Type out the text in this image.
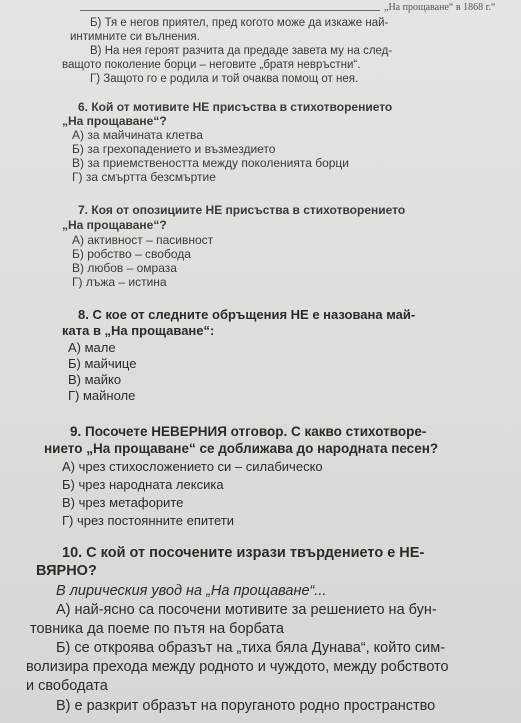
„На прощаване“ в 1868 г.“
Б) Тя е негов приятел, пред когото може да изкаже най-
интимните си вълнения.
В) На нея героят разчита да предаде завета му на след-
ващото поколение борци – неговите „братя невръстни“.
Г) Защото го е родила и той очаква помощ от нея.
6. Кой от мотивите НЕ присъства в стихотворението
„На прощаване“?
А) за майчината клетва
Б) за грехопадението и възмездието
В) за приемствеността между поколенията борци
Г) за смъртта безсмъртие
7. Коя от опозициите НЕ присъства в стихотворението
„На прощаване“?
А) активност – пасивност
Б) робство – свобода
В) любов – омраза
Г) лъжа – истина
8. С кое от следните обръщения НЕ е назована май-
ката в „На прощаване“:
А) мале
Б) майчице
В) майко
Г) майноле
9. Посочете НЕВЕРНИЯ отговор. С какво стихотворе-
нието „На прощаване“ се доближава до народната песен?
А) чрез стихосложението си – силабическо
Б) чрез народната лексика
В) чрез метафорите
Г) чрез постоянните епитети
10. С кой от посочените изрази твърдението е НЕ-
ВЯРНО?
В лирическия увод на „На прощаване“...
А) най-ясно са посочени мотивите за решението на бун-
товника да поеме по пътя на борбата
Б) се откроява образът на „тиха бяла Дунава“, който сим-
волизира прехода между родното и чуждото, между робството
и свободата
В) е разкрит образът на поруганото родно пространство
